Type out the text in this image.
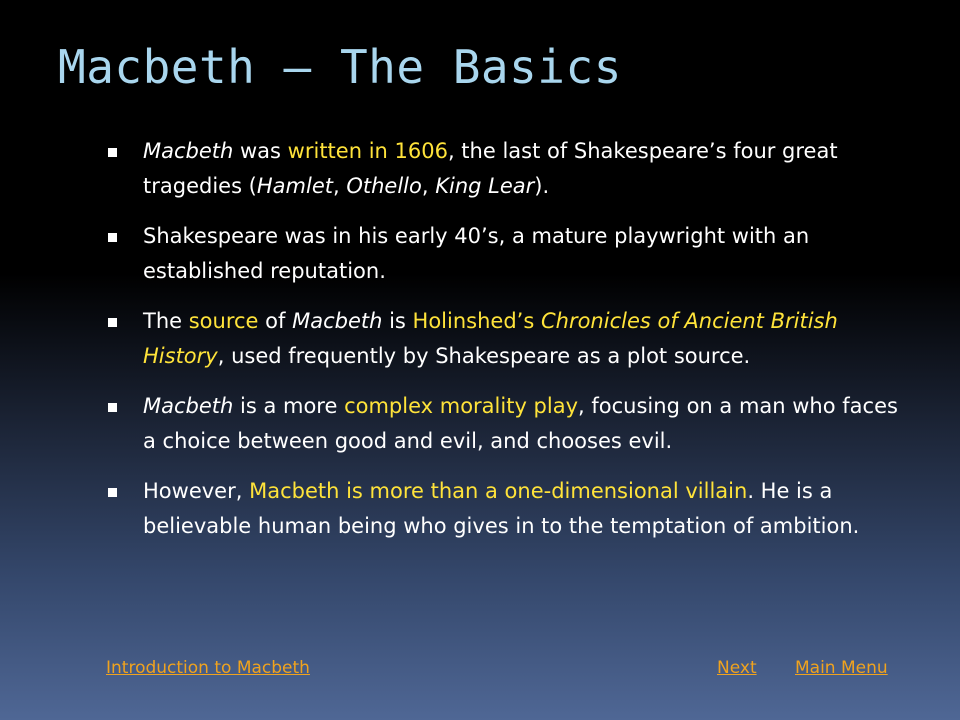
Macbeth – The Basics
Macbeth was written in 1606, the last of Shakespeare’s four great tragedies (Hamlet, Othello, King Lear).
Shakespeare was in his early 40’s, a mature playwright with an established reputation.
The source of Macbeth is Holinshed’s Chronicles of Ancient British History, used frequently by Shakespeare as a plot source.
Macbeth is a more complex morality play, focusing on a man who faces a choice between good and evil, and chooses evil.
However, Macbeth is more than a one-dimensional villain. He is a believable human being who gives in to the temptation of ambition.
Introduction to Macbeth	Next Main Menu
